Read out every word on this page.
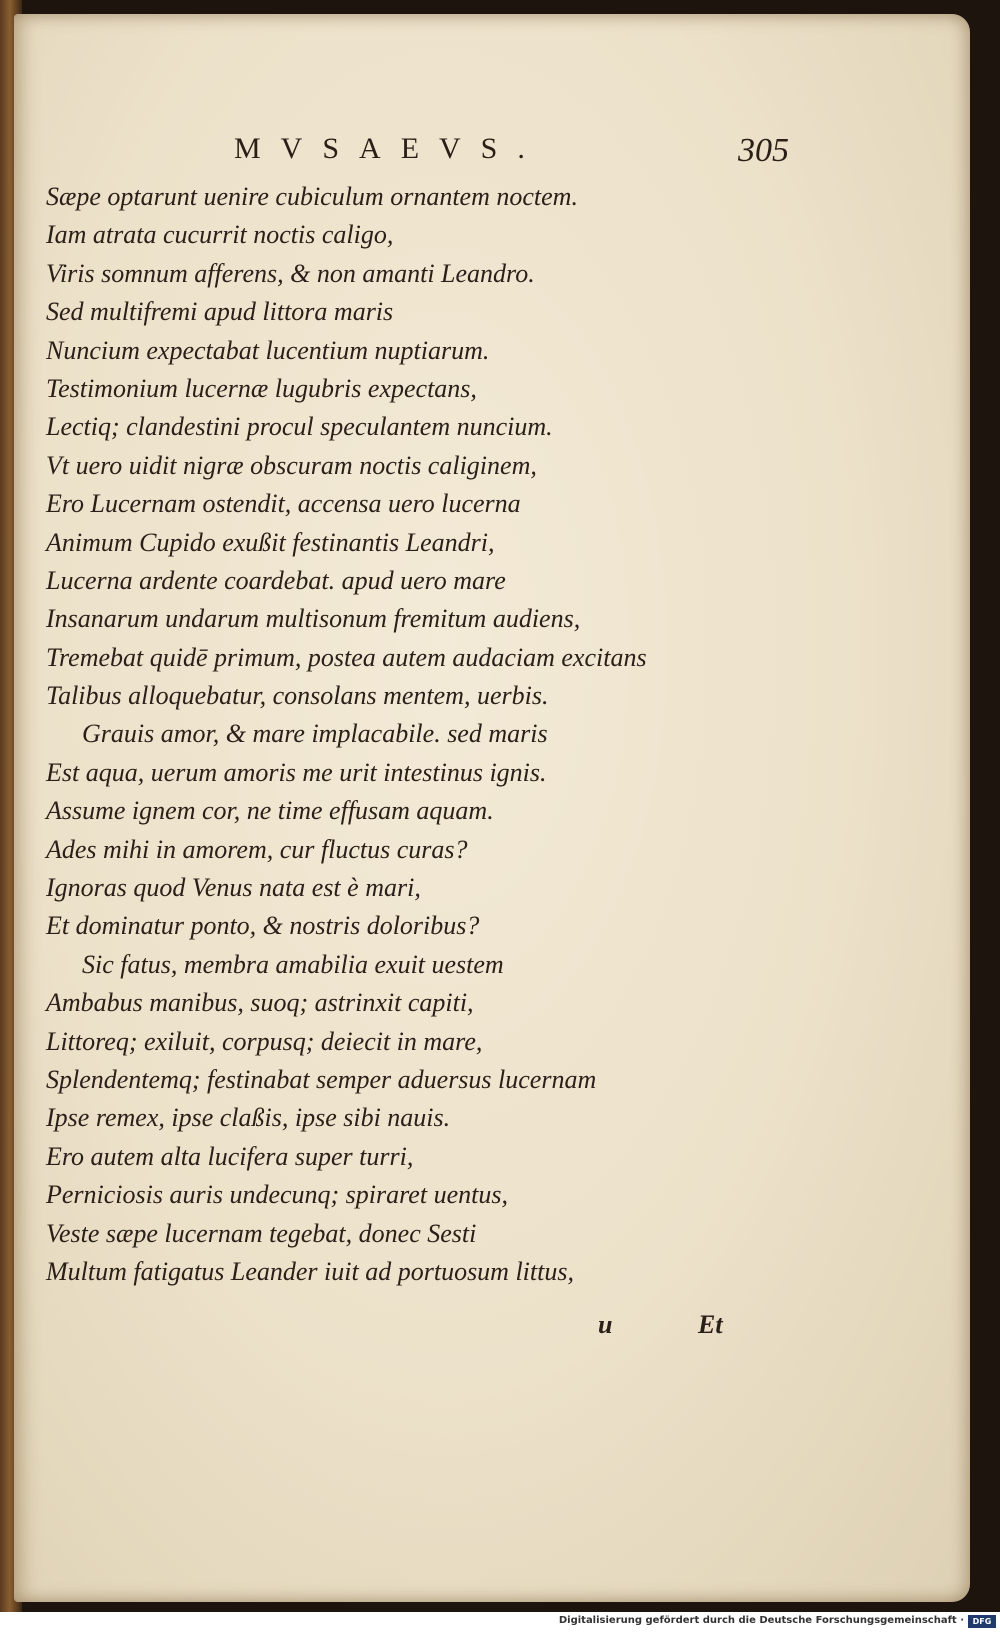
MVSAEVS.	305
Sæpe optarunt uenire cubiculum ornantem noctem.
Iam atrata cucurrit noctis caligo,
Viris somnum afferens, & non amanti Leandro.
Sed multifremi apud littora maris
Nuncium expectabat lucentium nuptiarum.
Testimonium lucernæ lugubris expectans,
Lectiq; clandestini procul speculantem nuncium.
Vt uero uidit nigræ obscuram noctis caliginem,
Ero Lucernam ostendit, accensa uero lucerna
Animum Cupido exußit festinantis Leandri,
Lucerna ardente coardebat. apud uero mare
Insanarum undarum multisonum fremitum audiens,
Tremebat quidē primum, postea autem audaciam excitans
Talibus alloquebatur, consolans mentem, uerbis.
Grauis amor, & mare implacabile. sed maris
Est aqua, uerum amoris me urit intestinus ignis.
Assume ignem cor, ne time effusam aquam.
Ades mihi in amorem, cur fluctus curas?
Ignoras quod Venus nata est è mari,
Et dominatur ponto, & nostris doloribus?
Sic fatus, membra amabilia exuit uestem
Ambabus manibus, suoq; astrinxit capiti,
Littoreq; exiluit, corpusq; deiecit in mare,
Splendentemq; festinabat semper aduersus lucernam
Ipse remex, ipse claßis, ipse sibi nauis.
Ero autem alta lucifera super turri,
Perniciosis auris undecunq; spiraret uentus,
Veste sæpe lucernam tegebat, donec Sesti
Multum fatigatus Leander iuit ad portuosum littus,
u	Et
Digitalisierung gefördert durch die Deutsche Forschungsgemeinschaft ·	DFG
